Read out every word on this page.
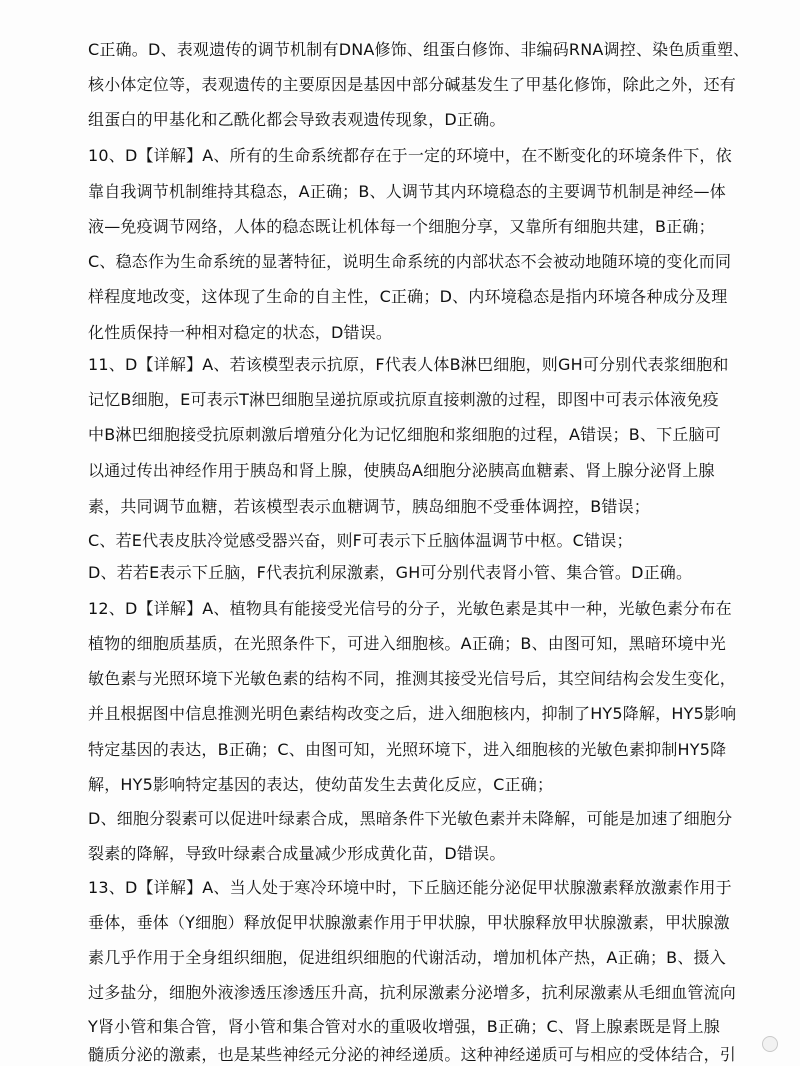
C正确。D、表观遗传的调节机制有DNA修饰、组蛋白修饰、非编码RNA调控、染色质重塑、
核小体定位等，表观遗传的主要原因是基因中部分碱基发生了甲基化修饰，除此之外，还有
组蛋白的甲基化和乙酰化都会导致表观遗传现象，D正确。
10、D【详解】A、所有的生命系统都存在于一定的环境中，在不断变化的环境条件下，依
靠自我调节机制维持其稳态，A正确；B、人调节其内环境稳态的主要调节机制是神经—体
液—免疫调节网络，人体的稳态既让机体每一个细胞分享，又靠所有细胞共建，B正确；
C、稳态作为生命系统的显著特征，说明生命系统的内部状态不会被动地随环境的变化而同
样程度地改变，这体现了生命的自主性，C正确；D、内环境稳态是指内环境各种成分及理
化性质保持一种相对稳定的状态，D错误。
11、D【详解】A、若该模型表示抗原，F代表人体B淋巴细胞，则GH可分别代表浆细胞和
记忆B细胞，E可表示T淋巴细胞呈递抗原或抗原直接刺激的过程，即图中可表示体液免疫
中B淋巴细胞接受抗原刺激后增殖分化为记忆细胞和浆细胞的过程，A错误；B、下丘脑可
以通过传出神经作用于胰岛和肾上腺，使胰岛A细胞分泌胰高血糖素、肾上腺分泌肾上腺
素，共同调节血糖，若该模型表示血糖调节，胰岛细胞不受垂体调控，B错误；
C、若E代表皮肤冷觉感受器兴奋，则F可表示下丘脑体温调节中枢。C错误；
D、若若E表示下丘脑，F代表抗利尿激素，GH可分别代表肾小管、集合管。D正确。
12、D【详解】A、植物具有能接受光信号的分子，光敏色素是其中一种，光敏色素分布在
植物的细胞质基质，在光照条件下，可进入细胞核。A正确；B、由图可知，黑暗环境中光
敏色素与光照环境下光敏色素的结构不同，推测其接受光信号后，其空间结构会发生变化，
并且根据图中信息推测光明色素结构改变之后，进入细胞核内，抑制了HY5降解，HY5影响
特定基因的表达，B正确；C、由图可知，光照环境下，进入细胞核的光敏色素抑制HY5降
解，HY5影响特定基因的表达，使幼苗发生去黄化反应，C正确；
D、细胞分裂素可以促进叶绿素合成，黑暗条件下光敏色素并未降解，可能是加速了细胞分
裂素的降解，导致叶绿素合成量减少形成黄化苗，D错误。
13、D【详解】A、当人处于寒冷环境中时，下丘脑还能分泌促甲状腺激素释放激素作用于
垂体，垂体（Y细胞）释放促甲状腺激素作用于甲状腺，甲状腺释放甲状腺激素，甲状腺激
素几乎作用于全身组织细胞，促进组织细胞的代谢活动，增加机体产热，A正确；B、摄入
过多盐分，细胞外液渗透压渗透压升高，抗利尿激素分泌增多，抗利尿激素从毛细血管流向
Y肾小管和集合管，肾小管和集合管对水的重吸收增强，B正确；C、肾上腺素既是肾上腺
髓质分泌的激素，也是某些神经元分泌的神经递质。这种神经递质可与相应的受体结合，引
